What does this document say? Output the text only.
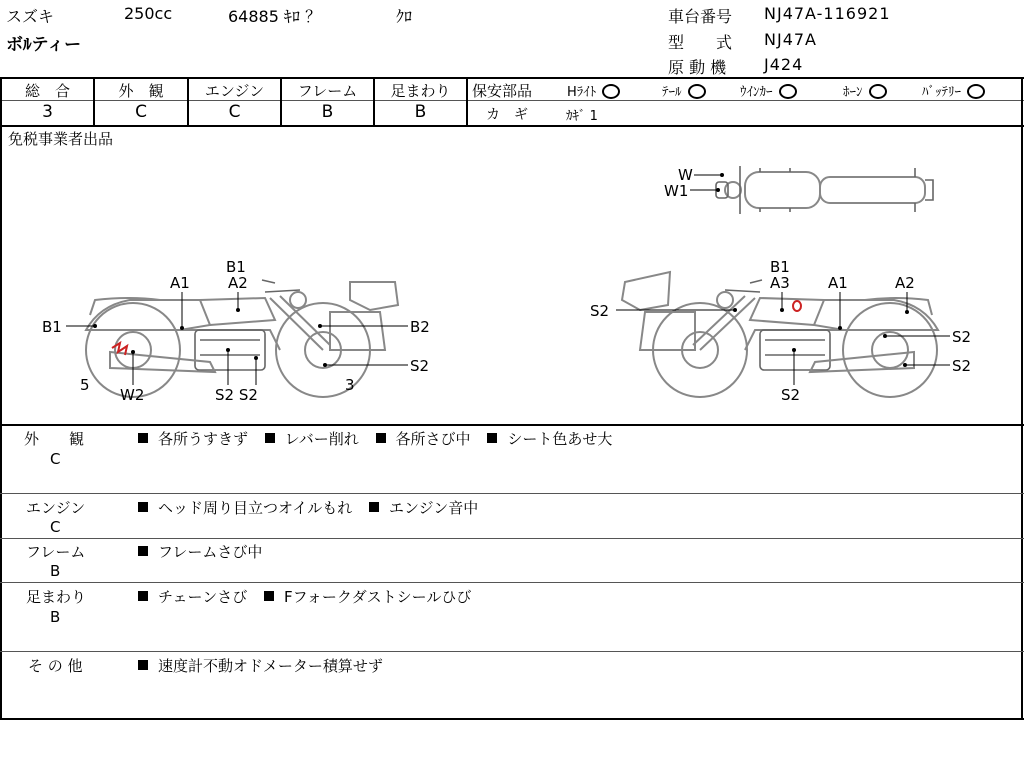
スズキ	250cc	64885 ｷﾛ ？	ｸﾛ
ボﾙティー
車台番号 NJ47A-116921
型　　式 NJ47A
原 動 機 J424
総　合
3
外　観
C
エンジン
C
フレーム
B
足まわり
B
保安部品	Hﾗｲﾄ	ﾃｰﾙ	ｳｲﾝｶｰ	ﾎｰﾝ	ﾊﾞｯﾃﾘｰ
カ　ギ	ｶｷﾞ 1
免税事業者出品
B1
A1	A2
B1	B2
S2
S2 S2
W2
5	3
B1
A3	A1	A2
S2
S2
S2
S2
W
W1
外　　観
C
各所うすきず レバー削れ 各所さび中 シート色あせ大
エンジン
C
ヘッド周り目立つオイルもれ エンジン音中
フレーム
B
フレームさび中
足まわり
B
チェーンさび Fフォークダストシールひび
そ の 他	速度計不動オドメーター積算せず
